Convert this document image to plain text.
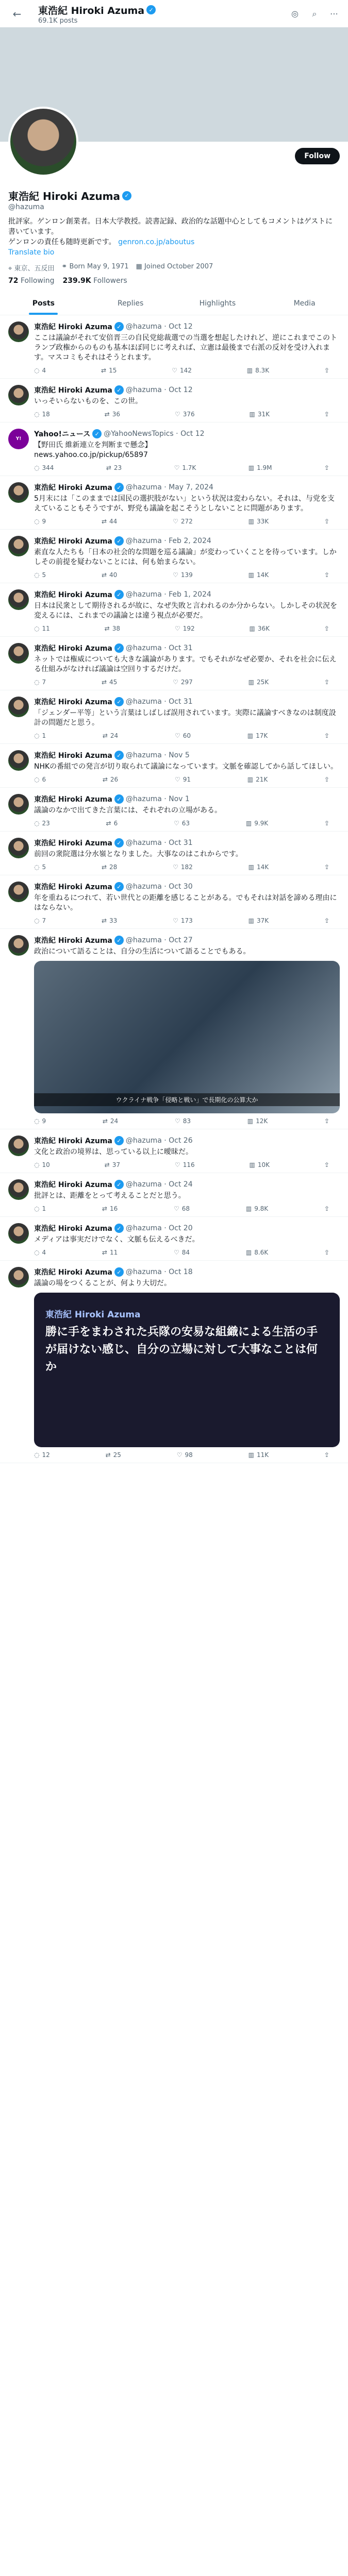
←	東浩紀 Hiroki Azuma ✓
69.1K posts
◎	⌕	⋯
Follow
東浩紀 Hiroki Azuma ✓
@hazuma
批評家。ゲンロン創業者。日本大学教授。読書記録、政治的な話題中心としてもコメントはゲストに書いています。
ゲンロンの責任も随時更新です。 genron.co.jp/aboutus
Translate bio
⌖ 東京、五反田 ⚭ Born May 9, 1971 ▦ Joined October 2007
72 Following 239.9K Followers
Posts	Replies	Highlights	Media
東浩紀 Hiroki Azuma ✓ @hazuma · Oct 12
ここは議論がそれて安倍晋三の自民党総裁選での当選を想起したけれど、逆にこれまでこのトランプ政権からのものも基本ほぼ同じに考えれば、立憲は最後まで右派の反対を受け入れます。マスコミもそれはそうとれます。
◌ 4	⇄ 15	♡ 142	▥ 8.3K	⇪
東浩紀 Hiroki Azuma ✓ @hazuma · Oct 12
いっそいらないものを、この世。
◌ 18	⇄ 36	♡ 376	▥ 31K	⇪
Y!
Yahoo!ニュース ✓ @YahooNewsTopics · Oct 12
【野田氏 維新連立を判断まで懸念】
news.yahoo.co.jp/pickup/65897
◌ 344	⇄ 23	♡ 1.7K	▥ 1.9M	⇪
東浩紀 Hiroki Azuma ✓ @hazuma · May 7, 2024
5月末には「このままでは国民の選択肢がない」という状況は変わらない。それは、与党を支えていることもそうですが、野党も議論を起こそうとしないことに問題があります。
◌ 9	⇄ 44	♡ 272	▥ 33K	⇪
東浩紀 Hiroki Azuma ✓ @hazuma · Feb 2, 2024
素直な人たちも「日本の社会的な問題を巡る議論」が変わっていくことを待っています。しかしその前提を疑わないことには、何も始まらない。
◌ 5	⇄ 40	♡ 139	▥ 14K	⇪
東浩紀 Hiroki Azuma ✓ @hazuma · Feb 1, 2024
日本は民衆として期待されるが故に、なぜ失敗と言われるのか分からない。しかしその状況を変えるには、これまでの議論とは違う視点が必要だ。
◌ 11	⇄ 38	♡ 192	▥ 36K	⇪
東浩紀 Hiroki Azuma ✓ @hazuma · Oct 31
ネットでは権威についても大きな議論があります。でもそれがなぜ必要か、それを社会に伝える仕組みがなければ議論は空回りするだけだ。
◌ 7	⇄ 45	♡ 297	▥ 25K	⇪
東浩紀 Hiroki Azuma ✓ @hazuma · Oct 31
「ジェンダー平等」という言葉はしばしば誤用されています。実際に議論すべきなのは制度設計の問題だと思う。
◌ 1	⇄ 24	♡ 60	▥ 17K	⇪
東浩紀 Hiroki Azuma ✓ @hazuma · Nov 5
NHKの番組での発言が切り取られて議論になっています。文脈を確認してから話してほしい。
◌ 6	⇄ 26	♡ 91	▥ 21K	⇪
東浩紀 Hiroki Azuma ✓ @hazuma · Nov 1
議論のなかで出てきた言葉には、それぞれの立場がある。
◌ 23	⇄ 6	♡ 63	▥ 9.9K	⇪
東浩紀 Hiroki Azuma ✓ @hazuma · Oct 31
前回の衆院選は分水嶺となりました。大事なのはこれからです。
◌ 5	⇄ 28	♡ 182	▥ 14K	⇪
東浩紀 Hiroki Azuma ✓ @hazuma · Oct 30
年を重ねるにつれて、若い世代との距離を感じることがある。でもそれは対話を諦める理由にはならない。
◌ 7	⇄ 33	♡ 173	▥ 37K	⇪
東浩紀 Hiroki Azuma ✓ @hazuma · Oct 27
政治について語ることは、自分の生活について語ることでもある。
ウクライナ戦争「侵略と戦い」で長期化の公算大か
◌ 9	⇄ 24	♡ 83	▥ 12K	⇪
東浩紀 Hiroki Azuma ✓ @hazuma · Oct 26
文化と政治の境界は、思っている以上に曖昧だ。
◌ 10	⇄ 37	♡ 116	▥ 10K	⇪
東浩紀 Hiroki Azuma ✓ @hazuma · Oct 24
批評とは、距離をとって考えることだと思う。
◌ 1	⇄ 16	♡ 68	▥ 9.8K	⇪
東浩紀 Hiroki Azuma ✓ @hazuma · Oct 20
メディアは事実だけでなく、文脈も伝えるべきだ。
◌ 4	⇄ 11	♡ 84	▥ 8.6K	⇪
東浩紀 Hiroki Azuma ✓ @hazuma · Oct 18
議論の場をつくることが、何より大切だ。
東浩紀 Hiroki Azuma
勝に手をまわされた兵隊の安易な組織による生活の手が届けない感じ、自分の立場に対して大事なことは何か
◌ 12	⇄ 25	♡ 98	▥ 11K	⇪
